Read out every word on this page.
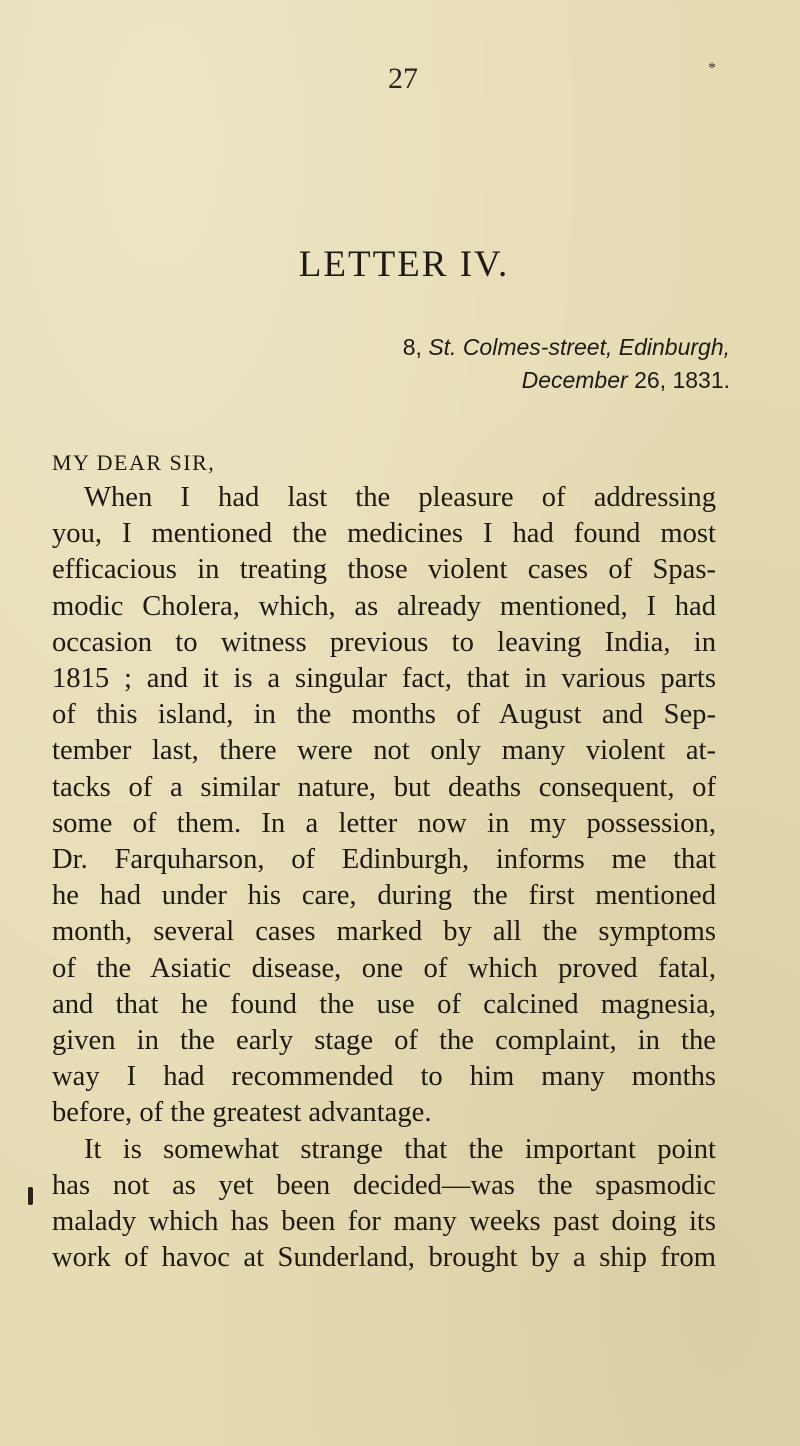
27	*
LETTER IV.
8, St. Colmes-street, Edinburgh,
December 26, 1831.
MY DEAR SIR,
When I had last the pleasure of addressing
you, I mentioned the medicines I had found most
efficacious in treating those violent cases of Spas-
modic Cholera, which, as already mentioned, I had
occasion to witness previous to leaving India, in
1815 ; and it is a singular fact, that in various parts
of this island, in the months of August and Sep-
tember last, there were not only many violent at-
tacks of a similar nature, but deaths consequent, of
some of them. In a letter now in my possession,
Dr. Farquharson, of Edinburgh, informs me that
he had under his care, during the first mentioned
month, several cases marked by all the symptoms
of the Asiatic disease, one of which proved fatal,
and that he found the use of calcined magnesia,
given in the early stage of the complaint, in the
way I had recommended to him many months
before, of the greatest advantage.
It is somewhat strange that the important point
has not as yet been decided—was the spasmodic
malady which has been for many weeks past doing its
work of havoc at Sunderland, brought by a ship from
